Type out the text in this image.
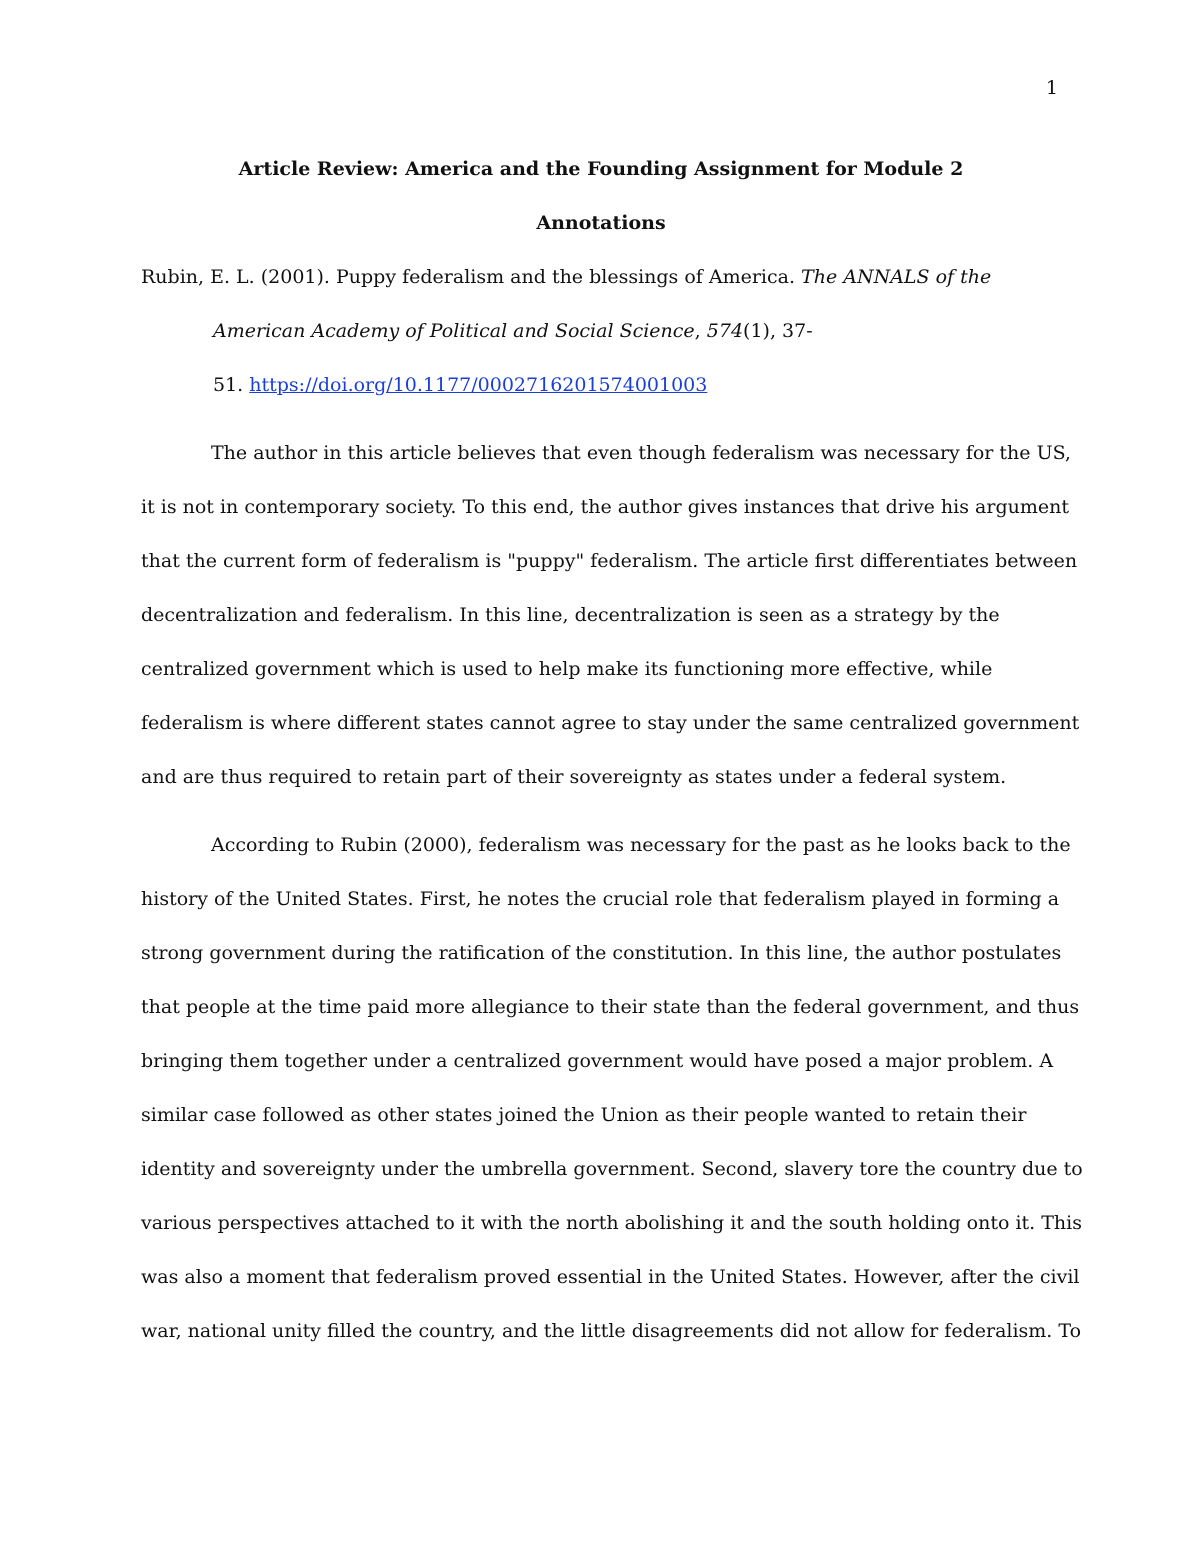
1

Article Review: America and the Founding Assignment for Module 2

Annotations

Rubin, E. L. (2001). Puppy federalism and the blessings of America. The ANNALS of the
American Academy of Political and Social Science, 574(1), 37-
51. https://doi.org/10.1177/0002716201574001003

The author in this article believes that even though federalism was necessary for the US,
it is not in contemporary society. To this end, the author gives instances that drive his argument
that the current form of federalism is "puppy" federalism. The article first differentiates between
decentralization and federalism. In this line, decentralization is seen as a strategy by the
centralized government which is used to help make its functioning more effective, while
federalism is where different states cannot agree to stay under the same centralized government
and are thus required to retain part of their sovereignty as states under a federal system.
According to Rubin (2000), federalism was necessary for the past as he looks back to the
history of the United States. First, he notes the crucial role that federalism played in forming a
strong government during the ratification of the constitution. In this line, the author postulates
that people at the time paid more allegiance to their state than the federal government, and thus
bringing them together under a centralized government would have posed a major problem. A
similar case followed as other states joined the Union as their people wanted to retain their
identity and sovereignty under the umbrella government. Second, slavery tore the country due to
various perspectives attached to it with the north abolishing it and the south holding onto it. This
was also a moment that federalism proved essential in the United States. However, after the civil
war, national unity filled the country, and the little disagreements did not allow for federalism. To
